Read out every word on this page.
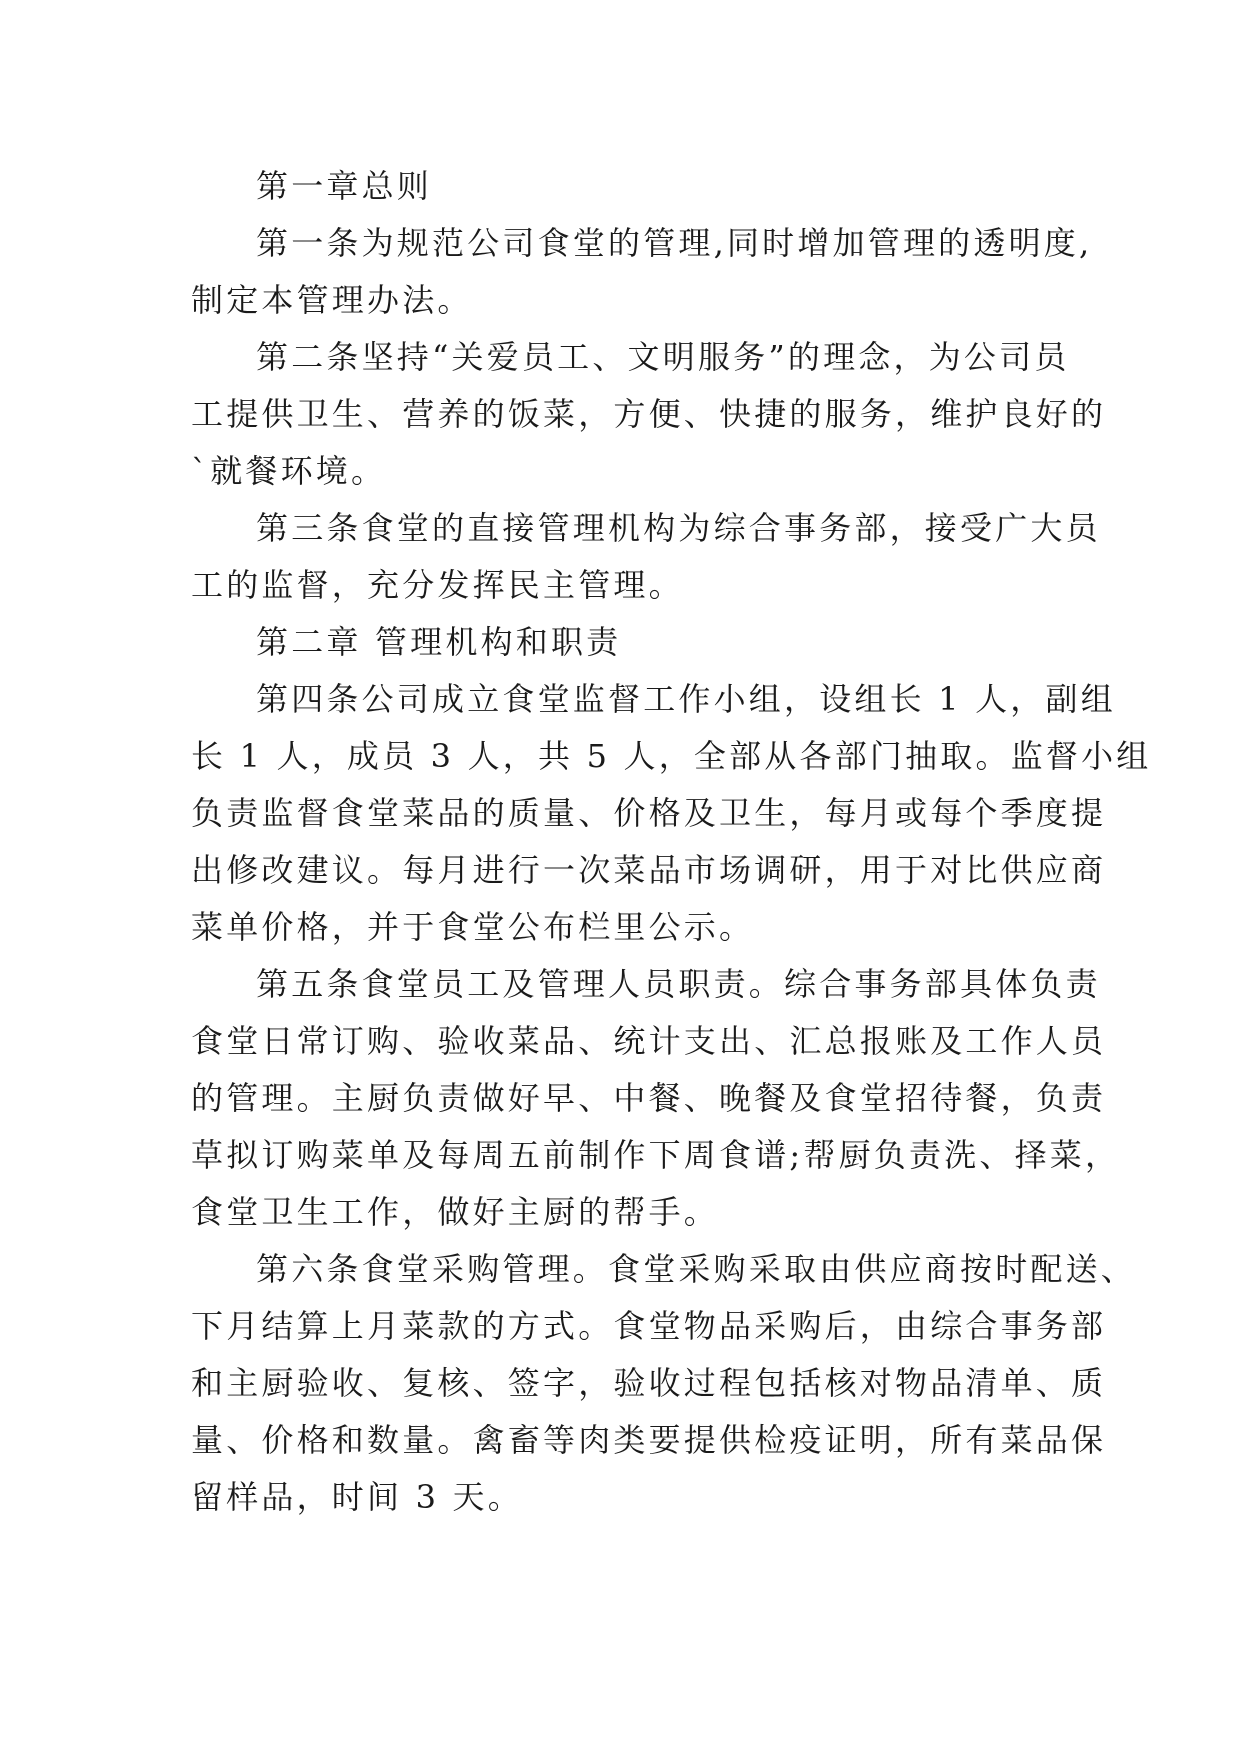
第一章总则
第一条为规范公司食堂的管理,同时增加管理的透明度,
制定本管理办法。
第二条坚持“关爱员工、文明服务”的理念，为公司员
工提供卫生、营养的饭菜，方便、快捷的服务，维护良好的
`就餐环境。
第三条食堂的直接管理机构为综合事务部，接受广大员
工的监督，充分发挥民主管理。
第二章 管理机构和职责
第四条公司成立食堂监督工作小组，设组长 1 人，副组
长 1 人，成员 3 人，共 5 人，全部从各部门抽取。监督小组
负责监督食堂菜品的质量、价格及卫生，每月或每个季度提
出修改建议。每月进行一次菜品市场调研，用于对比供应商
菜单价格，并于食堂公布栏里公示。
第五条食堂员工及管理人员职责。综合事务部具体负责
食堂日常订购、验收菜品、统计支出、汇总报账及工作人员
的管理。主厨负责做好早、中餐、晚餐及食堂招待餐，负责
草拟订购菜单及每周五前制作下周食谱;帮厨负责洗、择菜，
食堂卫生工作，做好主厨的帮手。
第六条食堂采购管理。食堂采购采取由供应商按时配送、
下月结算上月菜款的方式。食堂物品采购后，由综合事务部
和主厨验收、复核、签字，验收过程包括核对物品清单、质
量、价格和数量。禽畜等肉类要提供检疫证明，所有菜品保
留样品，时间 3 天。
